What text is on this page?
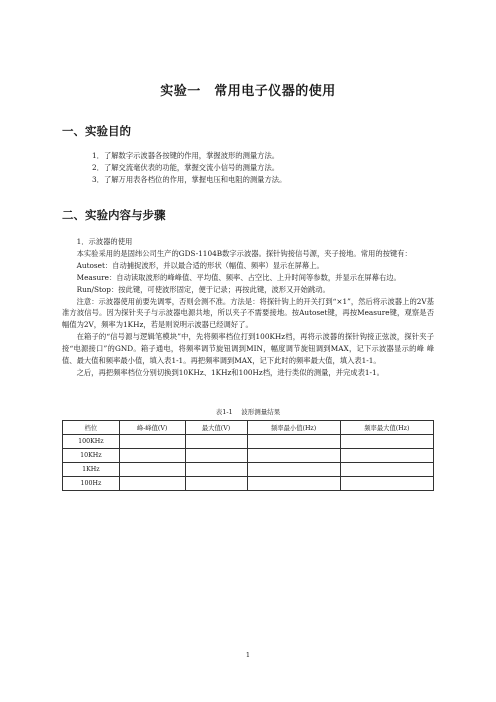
实验一　常用电子仪器的使用
一、实验目的
1．了解数字示波器各按键的作用，掌握波形的测量方法。
2．了解交流毫伏表的功能，掌握交流小信号的测量方法。
3．了解万用表各档位的作用，掌握电压和电阻的测量方法。
二、实验内容与步骤
1．示波器的使用
本实验采用的是固纬公司生产的GDS-1104B数字示波器。探针钩接信号源，夹子接地。常用的按键有：
Autoset：自动捕捉波形，并以最合适的形状（幅值、频率）显示在屏幕上。
Measure：自动读取波形的峰峰值、平均值、频率、占空比、上升时间等参数，并显示在屏幕右边。
Run/Stop：按此键，可使波形固定，便于记录；再按此键，波形又开始跳动。
注意：示波器使用前要先调零，否则会测不准。方法是：将探针钩上的开关打到“×1”，然后将示波器上的2V基准方波信号。因为探针夹子与示波器电源共地，所以夹子不需要接地。按Autoset键，再按Measure键，观察是否幅值为2V，频率为1KHz，若是则说明示波器已经调好了。
在箱子的“信号源与逻辑笔模块”中，先将频率档位打到100KHz档，再将示波器的探针钩接正弦波，探针夹子接“电源接口”的GND。箱子通电，将频率调节旋钮调到MIN，幅度调节旋钮调到MAX，记下示波器显示的峰 峰值、最大值和频率最小值，填入表1-1。再把频率调到MAX，记下此时的频率最大值，填入表1-1。
之后，再把频率档位分别切换到10KHz、1KHz和100Hz档，进行类似的测量，并完成表1-1。
表1-1　 波形测量结果
档位	峰-峰值(V)	最大值(V)	频率最小值(Hz)	频率最大值(Hz)
100KHz				
10KHz				
1KHz				
100Hz				
1
